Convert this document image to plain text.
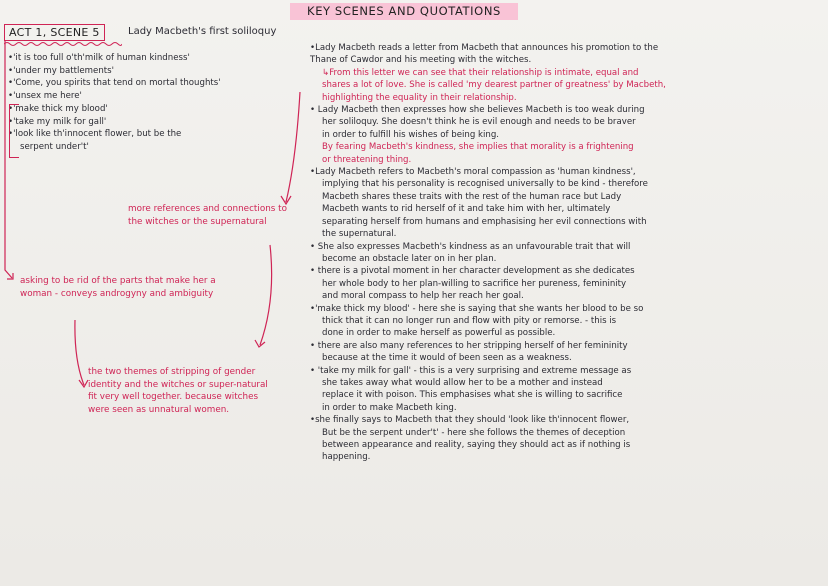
KEY SCENES AND QUOTATIONS
ACT 1, SCENE 5	Lady Macbeth's first soliloquy
•'it is too full o'th'milk of human kindness'
•'under my battlements'
•'Come, you spirits that tend on mortal thoughts'
•'unsex me here'
•'make thick my blood'
•'take my milk for gall'
•'look like th'innocent flower, but be the
serpent under't'
more references and connections to the witches or the supernatural
asking to be rid of the parts that make her a woman - conveys androgyny and ambiguity
the two themes of stripping of gender identity and the witches or super-natural fit very well together. because witches were seen as unnatural women.
•Lady Macbeth reads a letter from Macbeth that announces his promotion to the
Thane of Cawdor and his meeting with the witches.
↳From this letter we can see that their relationship is intimate, equal and
shares a lot of love. She is called 'my dearest partner of greatness' by Macbeth,
highlighting the equality in their relationship.
• Lady Macbeth then expresses how she believes Macbeth is too weak during
her soliloquy. She doesn't think he is evil enough and needs to be braver
in order to fulfill his wishes of being king.
By fearing Macbeth's kindness, she implies that morality is a frightening
or threatening thing.
•Lady Macbeth refers to Macbeth's moral compassion as 'human kindness',
implying that his personality is recognised universally to be kind - therefore
Macbeth shares these traits with the rest of the human race but Lady
Macbeth wants to rid herself of it and take him with her, ultimately
separating herself from humans and emphasising her evil connections with
the supernatural.
• She also expresses Macbeth's kindness as an unfavourable trait that will
become an obstacle later on in her plan.
• there is a pivotal moment in her character development as she dedicates
her whole body to her plan-willing to sacrifice her pureness, femininity
and moral compass to help her reach her goal.
•'make thick my blood' - here she is saying that she wants her blood to be so
thick that it can no longer run and flow with pity or remorse. - this is
done in order to make herself as powerful as possible.
• there are also many references to her stripping herself of her femininity
because at the time it would of been seen as a weakness.
• 'take my milk for gall' - this is a very surprising and extreme message as
she takes away what would allow her to be a mother and instead
replace it with poison. This emphasises what she is willing to sacrifice
in order to make Macbeth king.
•she finally says to Macbeth that they should 'look like th'innocent flower,
But be the serpent under't' - here she follows the themes of deception
between appearance and reality, saying they should act as if nothing is
happening.
